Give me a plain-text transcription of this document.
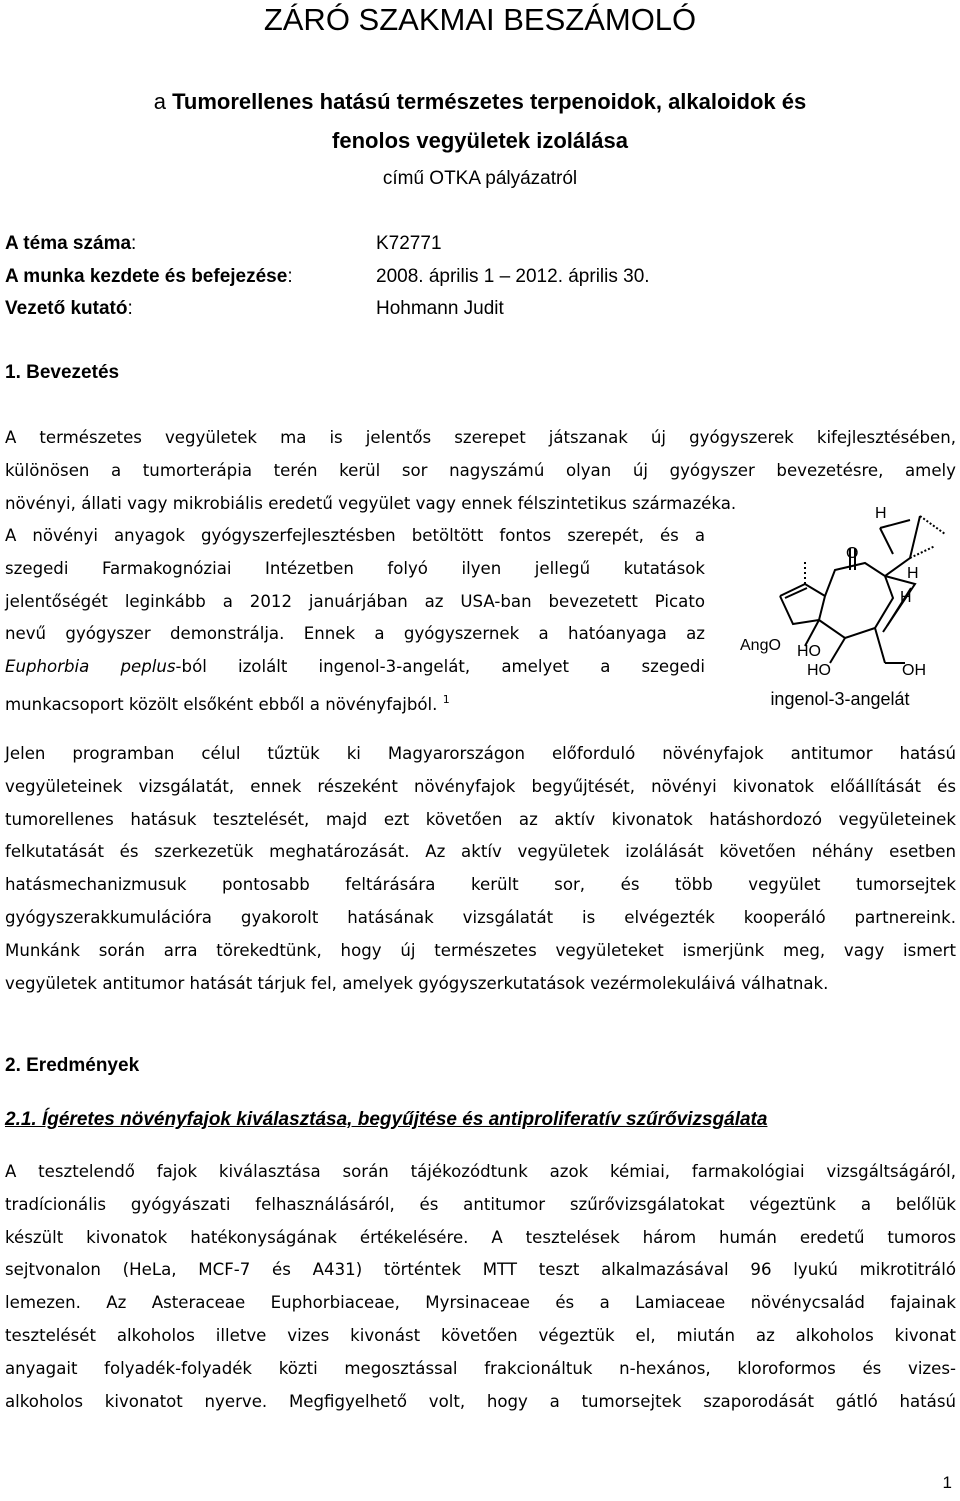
ZÁRÓ SZAKMAI BESZÁMOLÓ
a Tumorellenes hatású természetes terpenoidok, alkaloidok és
fenolos vegyületek izolálása
című OTKA pályázatról
A téma száma:	K72771
A munka kezdete és befejezése:	2008. április 1 – 2012. április 30.
Vezető kutató:	Hohmann Judit
1. Bevezetés
A természetes vegyületek ma is jelentős szerepet játszanak új gyógyszerek kifejlesztésében,
különösen a tumorterápia terén kerül sor nagyszámú olyan új gyógyszer bevezetésre, amely
növényi, állati vagy mikrobiális eredetű vegyület vagy ennek félszintetikus származéka.
A növényi anyagok gyógyszerfejlesztésben betöltött fontos szerepét, és a
szegedi Farmakognóziai Intézetben folyó ilyen jellegű kutatások
jelentőségét leginkább a 2012 januárjában az USA-ban bevezetett Picato
nevű gyógyszer demonstrálja. Ennek a gyógyszernek a hatóanyaga az
Euphorbia peplus-ból izolált ingenol-3-angelát, amelyet a szegedi
munkacsoport közölt elsőként ebből a növényfajból. $^1$
H
O
H
H
AngO HO
HO	OH
ingenol-3-angelát
Jelen programban célul tűztük ki Magyarországon előforduló növényfajok antitumor hatású
vegyületeinek vizsgálatát, ennek részeként növényfajok begyűjtését, növényi kivonatok előállítását és
tumorellenes hatásuk tesztelését, majd ezt követően az aktív kivonatok hatáshordozó vegyületeinek
felkutatását és szerkezetük meghatározását. Az aktív vegyületek izolálását követően néhány esetben
hatásmechanizmusuk pontosabb feltárására került sor, és több vegyület tumorsejtek
gyógyszerakkumulációra gyakorolt hatásának vizsgálatát is elvégezték kooperáló partnereink.
Munkánk során arra törekedtünk, hogy új természetes vegyületeket ismerjünk meg, vagy ismert
vegyületek antitumor hatását tárjuk fel, amelyek gyógyszerkutatások vezérmolekuláivá válhatnak.
2. Eredmények
2.1. Ígéretes növényfajok kiválasztása, begyűjtése és antiproliferatív szűrővizsgálata
A tesztelendő fajok kiválasztása során tájékozódtunk azok kémiai, farmakológiai vizsgáltságáról,
tradícionális gyógyászati felhasználásáról, és antitumor szűrővizsgálatokat végeztünk a belőlük
készült kivonatok hatékonyságának értékelésére. A tesztelések három humán eredetű tumoros
sejtvonalon (HeLa, MCF-7 és A431) történtek MTT teszt alkalmazásával 96 lyukú mikrotitráló
lemezen. Az Asteraceae Euphorbiaceae, Myrsinaceae és a Lamiaceae növénycsalád fajainak
tesztelését alkoholos illetve vizes kivonást követően végeztük el, miután az alkoholos kivonat
anyagait folyadék-folyadék közti megosztással frakcionáltuk n-hexános, kloroformos és vizes-
alkoholos kivonatot nyerve. Megfigyelhető volt, hogy a tumorsejtek szaporodását gátló hatású
1
